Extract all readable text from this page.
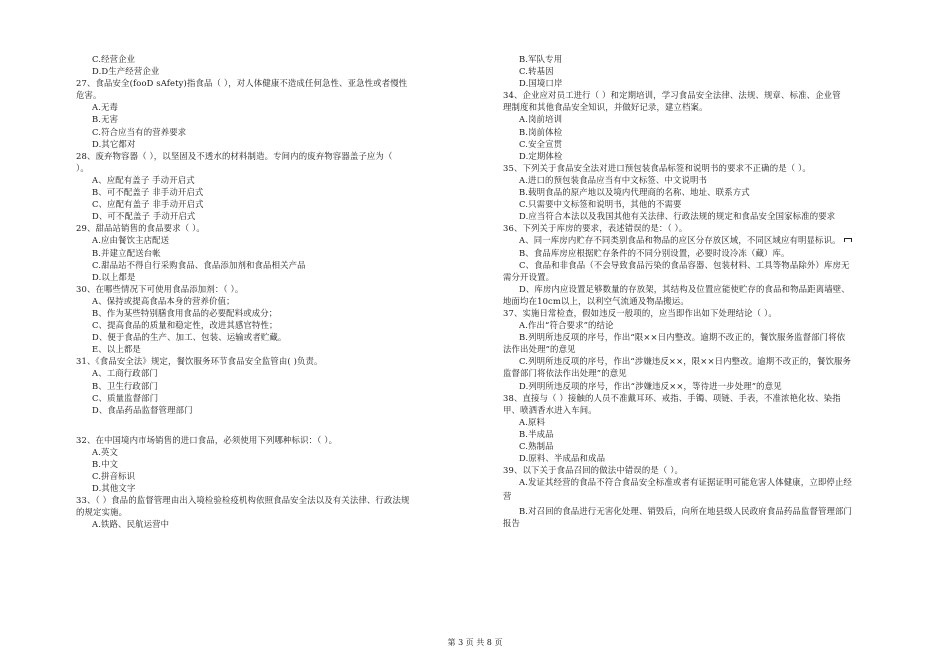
C.经营企业
D.D生产经营企业
27、食品安全(fooD sAfety)指食品（ ），对人体健康不造成任何急性、亚急性或者慢性
危害。
A.无毒
B.无害
C.符合应当有的营养要求
D.其它都对
28、废弃物容器（ ），以坚固及不透水的材料制造。专间内的废弃物容器盖子应为（
）。
A、应配有盖子 手动开启式
B、可不配盖子 非手动开启式
C、应配有盖子 非手动开启式
D、可不配盖子 手动开启式
29、甜品站销售的食品要求（ ）。
A.应由餐饮主店配送
B.并建立配送台帐
C.甜品站不得自行采购食品、食品添加剂和食品相关产品
D.以上都是
30、在哪些情况下可使用食品添加剂：（ ）。
A、保持或提高食品本身的营养价值；
B、作为某些特别膳食用食品的必要配料或成分；
C、提高食品的质量和稳定性，改进其感官特性；
D、便于食品的生产、加工、包装、运输或者贮藏。
E、以上都是
31、《食品安全法》规定，餐饮服务环节食品安全监管由( )负责。
A、工商行政部门
B、卫生行政部门
C、质量监督部门
D、食品药品监督管理部门
32、在中国境内市场销售的进口食品，必须使用下列哪种标识：（ ）。
A.英文
B.中文
C.拼音标识
D.其他文字
33、（ ）食品的监督管理由出入境检验检疫机构依照食品安全法以及有关法律、行政法规
的规定实施。
A.铁路、民航运营中
B.军队专用
C.转基因
D.国境口岸
34、企业应对员工进行（ ）和定期培训，学习食品安全法律、法规、规章、标准、企业管
理制度和其他食品安全知识，并做好记录，建立档案。
A.岗前培训
B.岗前体检
C.安全宣贯
D.定期体检
35、下列关于食品安全法对进口预包装食品标签和说明书的要求不正确的是（ ）。
A.进口的预包装食品应当有中文标签、中文说明书
B.载明食品的原产地以及境内代理商的名称、地址、联系方式
C.只需要中文标签和说明书，其他的不需要
D.应当符合本法以及我国其他有关法律、行政法规的规定和食品安全国家标准的要求
36、下列关于库房的要求，表述错误的是：（ ）。
A、同一库房内贮存不同类别食品和物品的应区分存放区域，不同区域应有明显标识。
B、食品库房应根据贮存条件的不同分别设置，必要时设冷冻（藏）库。
C、食品和非食品（不会导致食品污染的食品容器、包装材料、工具等物品除外）库房无
需分开设置。
D、库房内应设置足够数量的存放架，其结构及位置应能使贮存的食品和物品距离墙壁、
地面均在10cm以上，以利空气流通及物品搬运。
37、实施日常检查，假如违反一般项的，应当即作出如下处理结论（ ）。
A.作出“符合要求”的结论
B.列明所违反项的序号，作出“限××日内整改。逾期不改正的，餐饮服务监督部门将依
法作出处理”的意见
C.列明所违反项的序号，作出“涉嫌违反××，限××日内整改。逾期不改正的，餐饮服务
监督部门将依法作出处理”的意见
D.列明所违反项的序号，作出“涉嫌违反××，等待进一步处理”的意见
38、直接与（ ）接触的人员不准戴耳环、戒指、手镯、项链、手表，不准浓艳化妆、染指
甲、喷洒香水进入车间。
A.原料
B.半成品
C.熟制品
D.原料、半成品和成品
39、以下关于食品召回的做法中错误的是（ ）。
A.发证其经营的食品不符合食品安全标准或者有证据证明可能危害人体健康，立即停止经
营
B.对召回的食品进行无害化处理、销毁后，向所在地县级人民政府食品药品监督管理部门
报告
第 3 页 共 8 页
